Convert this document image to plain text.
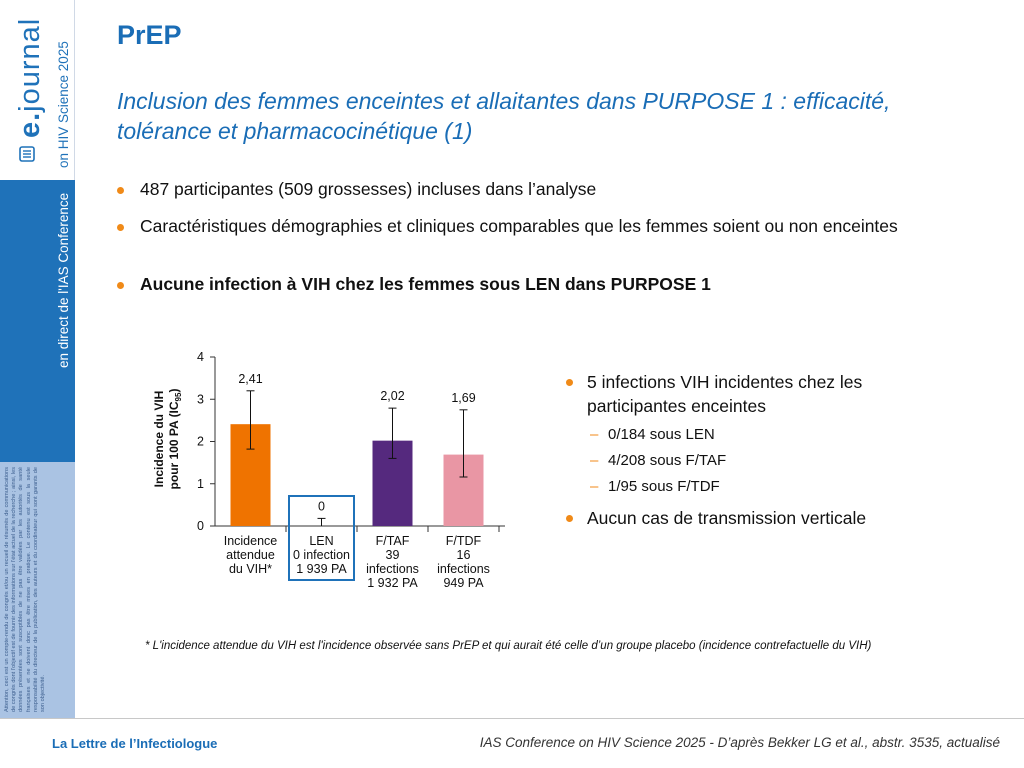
e.journal on HIV Science 2025
en direct de l'IAS Conference
Attention, ceci est un compte-rendu de congrès et/ou un recueil de résumés de communications de congrès dont l'objectif est de fournir des informations sur l'état actuel de la recherche ; ainsi, les données présentées sont susceptibles de ne pas être validées par les autorités de santé françaises et ne doivent donc pas être mises en pratique. Le contenu est sous la seule responsabilité du directeur de la publication, des auteurs et du coordinateur qui sont garants de son objectivité.
PrEP
Inclusion des femmes enceintes et allaitantes dans PURPOSE 1 : efficacité, tolérance et pharmacocinétique (1)
487 participantes (509 grossesses) incluses dans l’analyse
Caractéristiques démographies et cliniques comparables que les femmes soient ou non enceintes
Aucune infection à VIH chez les femmes sous LEN dans PURPOSE 1
0
1
2
3
4
Incidence du VIHpour 100 PA $(IC_{95})$
2,41
Incidence
attendue
du VIH*
0
LEN
0 infection
1 939 PA
2,02
F/TAF
39
infections
1 932 PA
1,69
F/TDF
16
infections
949 PA
5 infections VIH incidentes chez les participantes enceintes
– 0/184 sous LEN
– 4/208 sous F/TAF
– 1/95 sous F/TDF
Aucun cas de transmission verticale
* L'incidence attendue du VIH est l'incidence observée sans PrEP et qui aurait été celle d’un groupe placebo (incidence contrefactuelle du VIH)
La Lettre de l’Infectiologue	IAS Conference on HIV Science 2025 - D’après Bekker LG et al., abstr. 3535, actualisé
